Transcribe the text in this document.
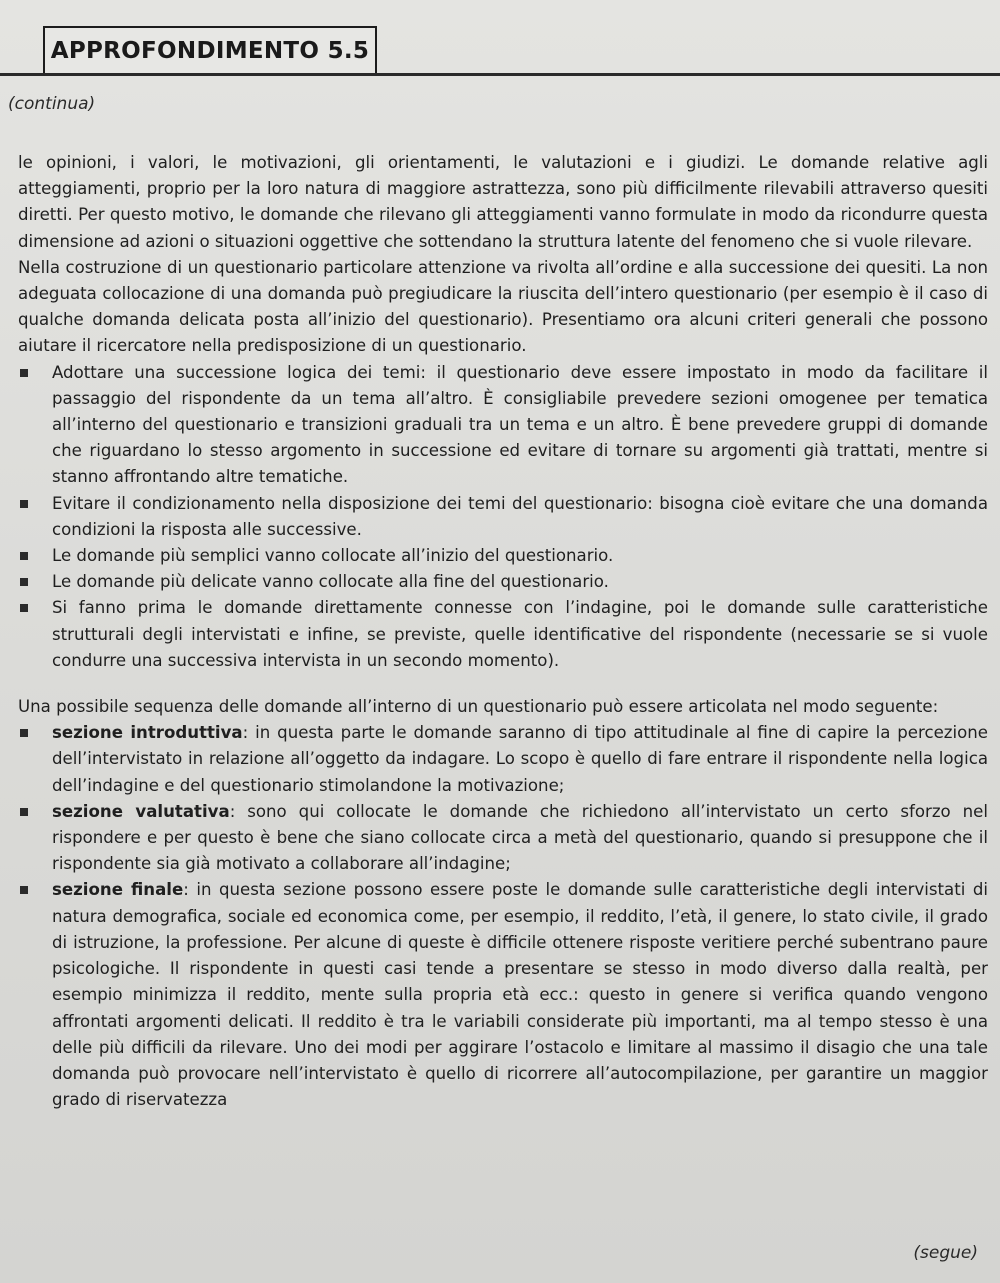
APPROFONDIMENTO 5.5
(continua)

le opinioni, i valori, le motivazioni, gli orientamenti, le valutazioni e i giudizi. Le domande relative agli atteggiamenti, proprio per la loro natura di maggiore astrattezza, sono più difficilmente rilevabili attraverso quesiti diretti. Per questo motivo, le domande che rilevano gli atteggiamenti vanno formulate in modo da ricondurre questa dimensione ad azioni o situazioni oggettive che sottendano la struttura latente del fenomeno che si vuole rilevare.

Nella costruzione di un questionario particolare attenzione va rivolta all’ordine e alla successione dei quesiti. La non adeguata collocazione di una domanda può pregiudicare la riuscita dell’intero questionario (per esempio è il caso di qualche domanda delicata posta all’inizio del questionario). Presentiamo ora alcuni criteri generali che possono aiutare il ricercatore nella predisposizione di un questionario.

Adottare una successione logica dei temi: il questionario deve essere impostato in modo da facilitare il passaggio del rispondente da un tema all’altro. È consigliabile prevedere sezioni omogenee per tematica all’interno del questionario e transizioni graduali tra un tema e un altro. È bene prevedere gruppi di domande che riguardano lo stesso argomento in successione ed evitare di tornare su argomenti già trattati, mentre si stanno affrontando altre tematiche.
Evitare il condizionamento nella disposizione dei temi del questionario: bisogna cioè evitare che una domanda condizioni la risposta alle successive.
Le domande più semplici vanno collocate all’inizio del questionario.
Le domande più delicate vanno collocate alla fine del questionario.
Si fanno prima le domande direttamente connesse con l’indagine, poi le domande sulle caratteristiche strutturali degli intervistati e infine, se previste, quelle identificative del rispondente (necessarie se si vuole condurre una successiva intervista in un secondo momento).

Una possibile sequenza delle domande all’interno di un questionario può essere articolata nel modo seguente:

sezione introduttiva: in questa parte le domande saranno di tipo attitudinale al fine di capire la percezione dell’intervistato in relazione all’oggetto da indagare. Lo scopo è quello di fare entrare il rispondente nella logica dell’indagine e del questionario stimolandone la motivazione;
sezione valutativa: sono qui collocate le domande che richiedono all’intervistato un certo sforzo nel rispondere e per questo è bene che siano collocate circa a metà del questionario, quando si presuppone che il rispondente sia già motivato a collaborare all’indagine;
sezione finale: in questa sezione possono essere poste le domande sulle caratteristiche degli intervistati di natura demografica, sociale ed economica come, per esempio, il reddito, l’età, il genere, lo stato civile, il grado di istruzione, la professione. Per alcune di queste è difficile ottenere risposte veritiere perché subentrano paure psicologiche. Il rispondente in questi casi tende a presentare se stesso in modo diverso dalla realtà, per esempio minimizza il reddito, mente sulla propria età ecc.: questo in genere si verifica quando vengono affrontati argomenti delicati. Il reddito è tra le variabili considerate più importanti, ma al tempo stesso è una delle più difficili da rilevare. Uno dei modi per aggirare l’ostacolo e limitare al massimo il disagio che una tale domanda può provocare nell’intervistato è quello di ricorrere all’autocompilazione, per garantire un maggior grado di riservatezza
(segue)
